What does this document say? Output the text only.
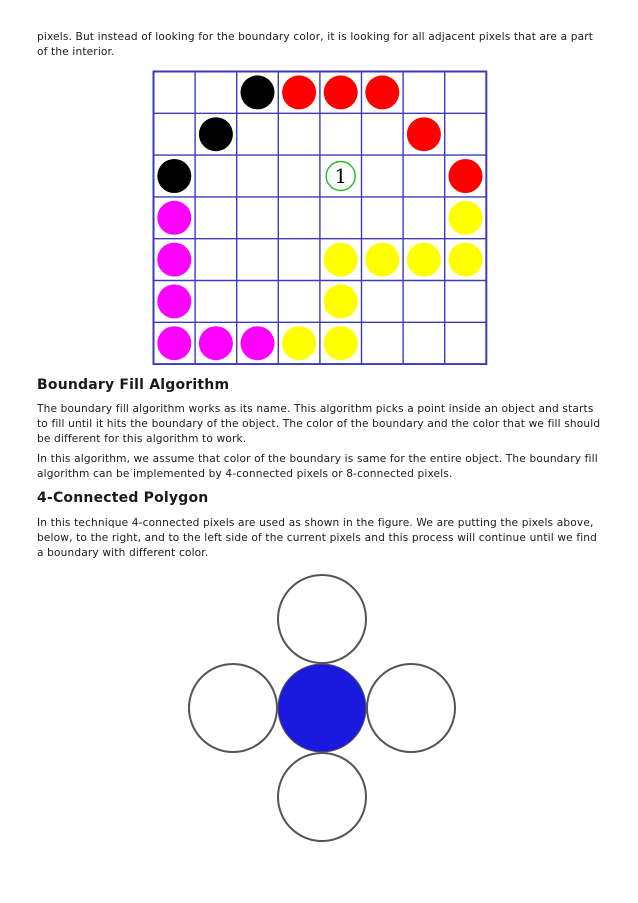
pixels. But instead of looking for the boundary color, it is looking for all adjacent pixels that are a part of the interior.

1
Boundary Fill Algorithm

The boundary fill algorithm works as its name. This algorithm picks a point inside an object and starts to fill until it hits the boundary of the object. The color of the boundary and the color that we fill should be different for this algorithm to work.

In this algorithm, we assume that color of the boundary is same for the entire object. The boundary fill algorithm can be implemented by 4-connected pixels or 8-connected pixels.

4-Connected Polygon

In this technique 4-connected pixels are used as shown in the figure. We are putting the pixels above, below, to the right, and to the left side of the current pixels and this process will continue until we find a boundary with different color.
